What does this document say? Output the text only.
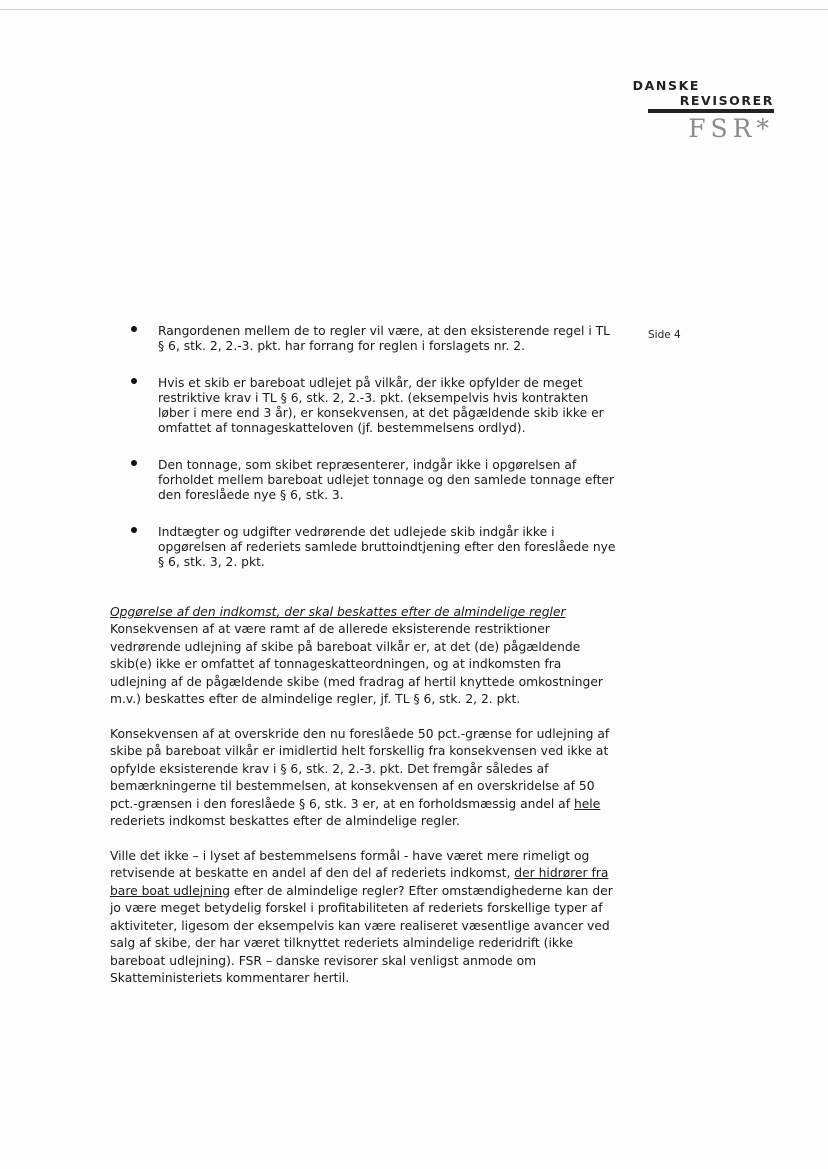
DANSKE
REVISORER
FSR*
Side 4
Rangordenen mellem de to regler vil være, at den eksisterende regel i TL
§ 6, stk. 2, 2.-3. pkt. har forrang for reglen i forslagets nr. 2.
Hvis et skib er bareboat udlejet på vilkår, der ikke opfylder de meget
restriktive krav i TL § 6, stk. 2, 2.-3. pkt. (eksempelvis hvis kontrakten
løber i mere end 3 år), er konsekvensen, at det pågældende skib ikke er
omfattet af tonnageskatteloven (jf. bestemmelsens ordlyd).
Den tonnage, som skibet repræsenterer, indgår ikke i opgørelsen af
forholdet mellem bareboat udlejet tonnage og den samlede tonnage efter
den foreslåede nye § 6, stk. 3.
Indtægter og udgifter vedrørende det udlejede skib indgår ikke i
opgørelsen af rederiets samlede bruttoindtjening efter den foreslåede nye
§ 6, stk. 3, 2. pkt.
Opgørelse af den indkomst, der skal beskattes efter de almindelige regler

Konsekvensen af at være ramt af de allerede eksisterende restriktioner
vedrørende udlejning af skibe på bareboat vilkår er, at det (de) pågældende
skib(e) ikke er omfattet af tonnageskatteordningen, og at indkomsten fra
udlejning af de pågældende skibe (med fradrag af hertil knyttede omkostninger
m.v.) beskattes efter de almindelige regler, jf. TL § 6, stk. 2, 2. pkt.

Konsekvensen af at overskride den nu foreslåede 50 pct.-grænse for udlejning af
skibe på bareboat vilkår er imidlertid helt forskellig fra konsekvensen ved ikke at
opfylde eksisterende krav i § 6, stk. 2, 2.-3. pkt. Det fremgår således af
bemærkningerne til bestemmelsen, at konsekvensen af en overskridelse af 50
pct.-grænsen i den foreslåede § 6, stk. 3 er, at en forholdsmæssig andel af hele
rederiets indkomst beskattes efter de almindelige regler.

Ville det ikke – i lyset af bestemmelsens formål - have været mere rimeligt og
retvisende at beskatte en andel af den del af rederiets indkomst, der hidrører fra
bare boat udlejning efter de almindelige regler? Efter omstændighederne kan der
jo være meget betydelig forskel i profitabiliteten af rederiets forskellige typer af
aktiviteter, ligesom der eksempelvis kan være realiseret væsentlige avancer ved
salg af skibe, der har været tilknyttet rederiets almindelige rederidrift (ikke
bareboat udlejning). FSR – danske revisorer skal venligst anmode om
Skatteministeriets kommentarer hertil.
